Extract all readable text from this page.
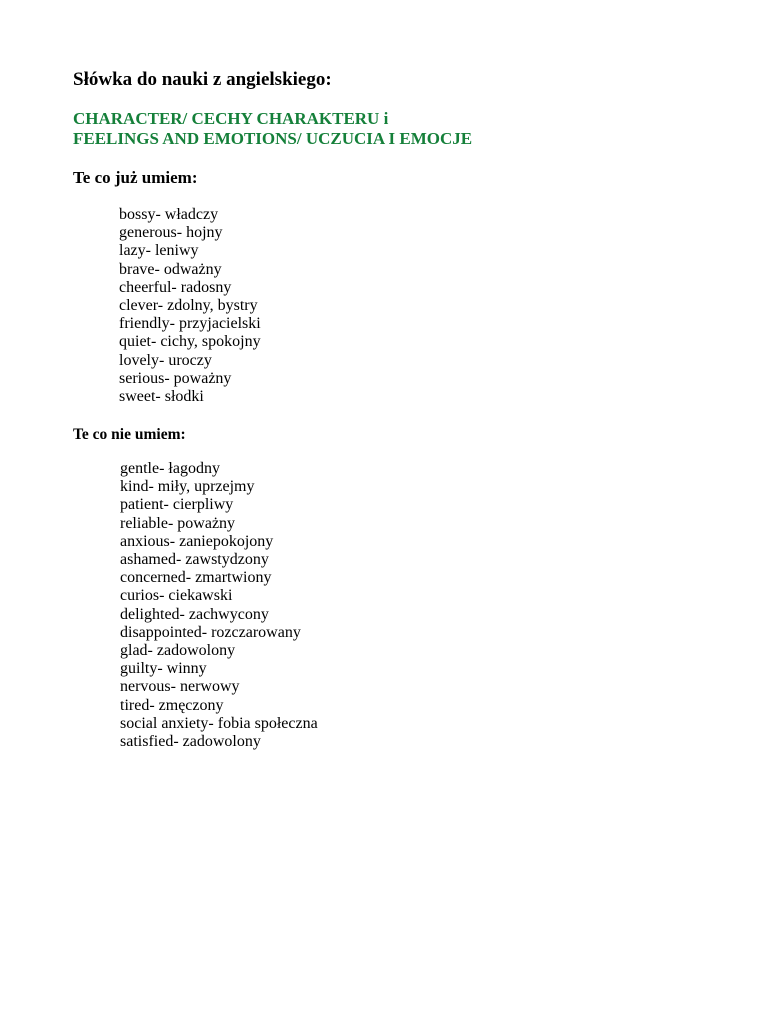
Słówka do nauki z angielskiego:
CHARACTER/ CECHY CHARAKTERU i
FEELINGS AND EMOTIONS/ UCZUCIA I EMOCJE
Te co już umiem:
bossy- władczy
generous- hojny
lazy- leniwy
brave- odważny
cheerful- radosny
clever- zdolny, bystry
friendly- przyjacielski
quiet- cichy, spokojny
lovely- uroczy
serious- poważny
sweet- słodki
Te co nie umiem:
gentle- łagodny
kind- miły, uprzejmy
patient- cierpliwy
reliable- poważny
anxious- zaniepokojony
ashamed- zawstydzony
concerned- zmartwiony
curios- ciekawski
delighted- zachwycony
disappointed- rozczarowany
glad- zadowolony
guilty- winny
nervous- nerwowy
tired- zmęczony
social anxiety- fobia społeczna
satisfied- zadowolony
